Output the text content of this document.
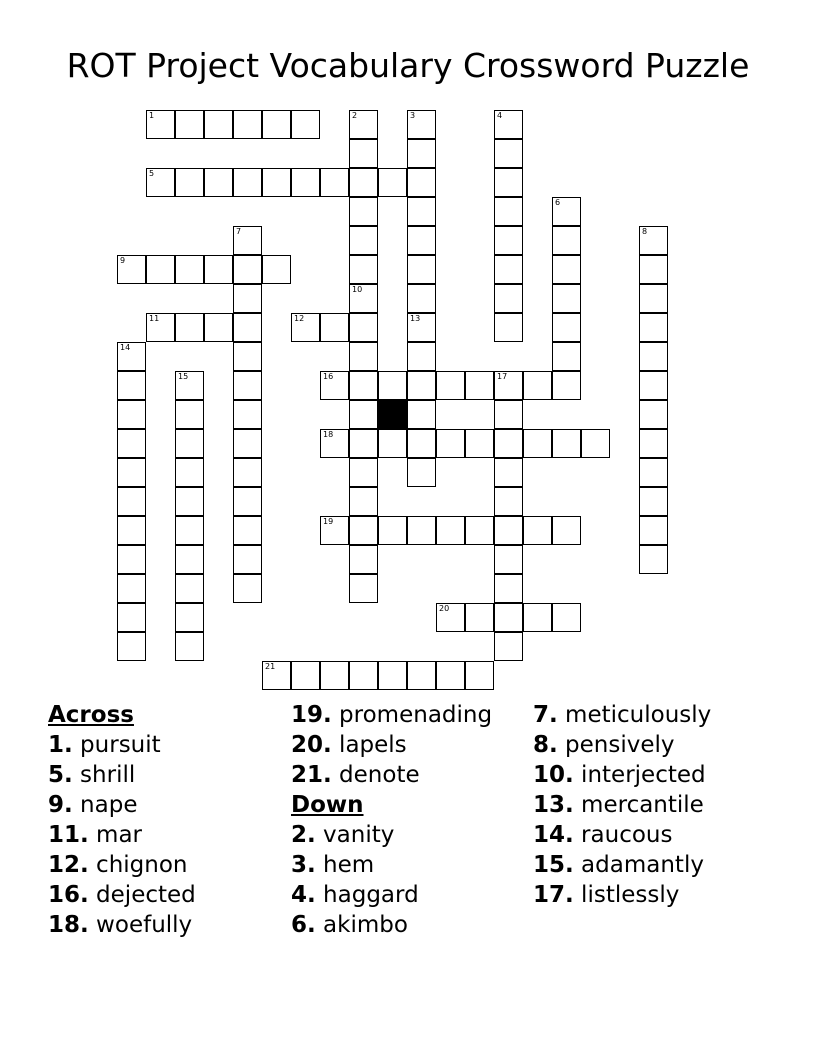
ROT Project Vocabulary Crossword Puzzle
1
5
9
11	12
16	17
18
19
20
21
2	3	4
6
7	8
10
13
14
15
Across
1. pursuit
5. shrill
9. nape
11. mar
12. chignon
16. dejected
18. woefully
19. promenading
20. lapels
21. denote
Down
2. vanity
3. hem
4. haggard
6. akimbo
7. meticulously
8. pensively
10. interjected
13. mercantile
14. raucous
15. adamantly
17. listlessly
